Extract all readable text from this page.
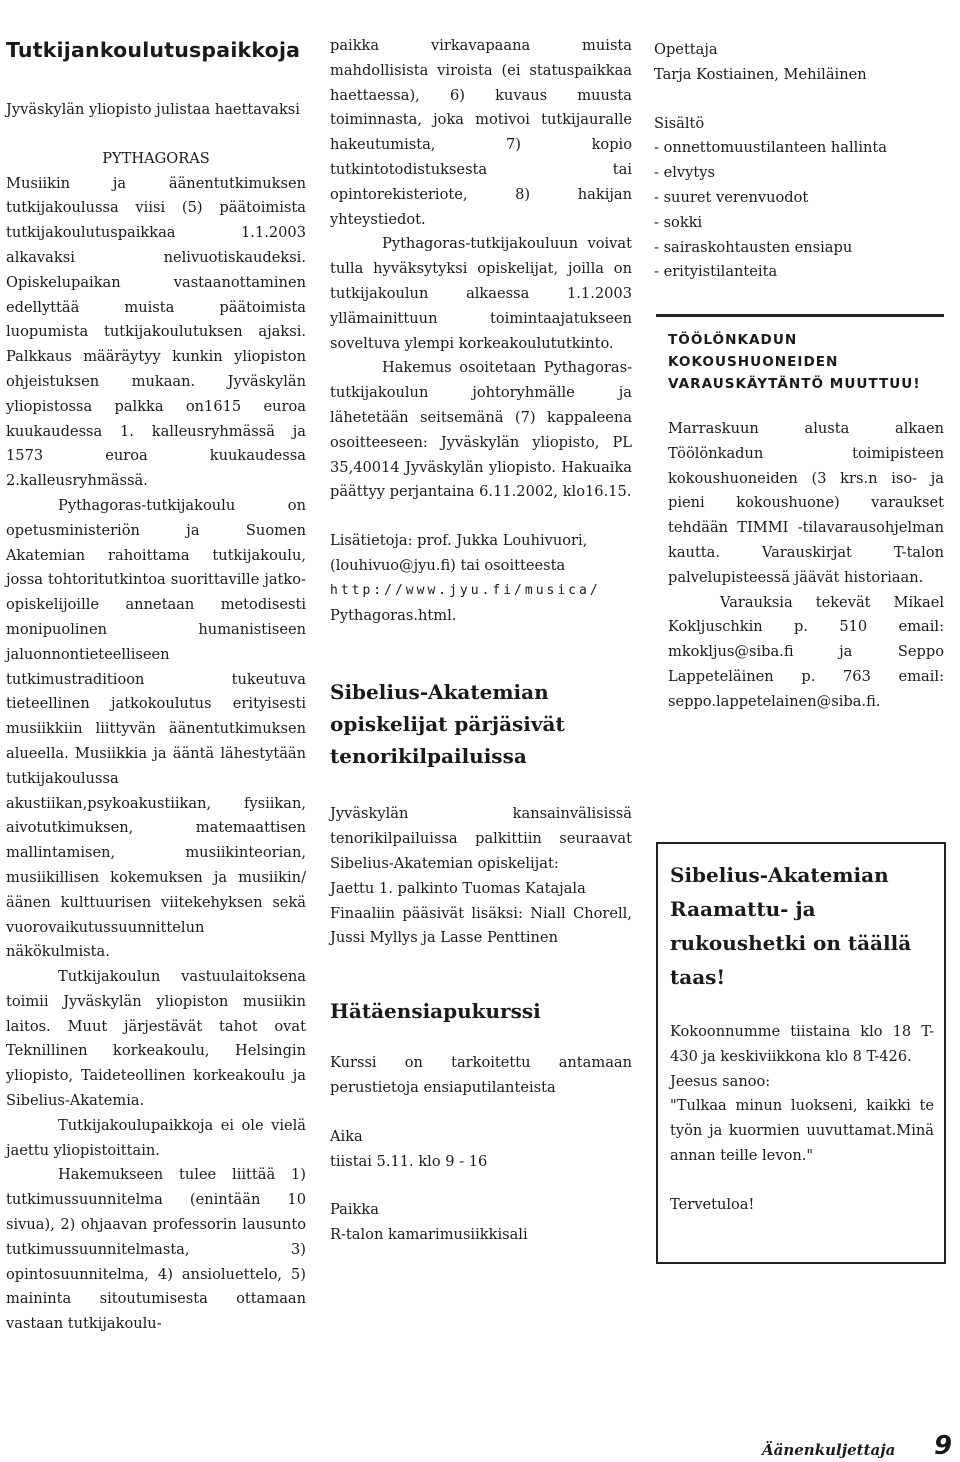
Tutkijankoulutuspaikkoja

Jyväskylän yliopisto julistaa haettavaksi

PYTHAGORAS

Musiikin ja äänentutkimuksen tutkijakoulussa viisi (5) päätoimista tutkijakoulutuspaikkaa 1.1.2003 alkavaksi nelivuotiskaudeksi. Opiskelupaikan vastaanottaminen edellyttää muista päätoimista luopumista tutkijakoulutuksen ajaksi. Palkkaus määräytyy kunkin yliopiston ohjeistuksen mukaan. Jyväskylän yliopistossa palkka on1615 euroa kuukaudessa 1. kalleusryhmässä ja 1573 euroa kuukaudessa 2.kalleusryhmässä.

Pythagoras-tutkijakoulu on opetusministeriön ja Suomen Akatemian rahoittama tutkijakoulu, jossa tohtoritutkintoa suorittaville jatko-opiskelijoille annetaan metodisesti monipuolinen humanistiseen jaluonnontieteelliseen tutkimustraditioon tukeutuva tieteellinen jatkokoulutus erityisesti musiikkiin liittyvän äänentutkimuksen alueella. Musiikkia ja ääntä lähestytään tutkijakoulussa akustiikan,psykoakustiikan, fysiikan, aivotutkimuksen, matemaattisen mallintamisen, musiikinteorian, musiikillisen kokemuksen ja musiikin/äänen kulttuurisen viitekehyksen sekä vuorovaikutussuunnittelun näkökulmista.

Tutkijakoulun vastuulaitoksena toimii Jyväskylän yliopiston musiikin laitos. Muut järjestävät tahot ovat Teknillinen korkeakoulu, Helsingin yliopisto, Taideteollinen korkeakoulu ja Sibelius-Akatemia.

Tutkijakoulupaikkoja ei ole vielä jaettu yliopistoittain.

Hakemukseen tulee liittää 1) tutkimussuunnitelma (enintään 10 sivua), 2) ohjaavan professorin lausunto tutkimussuunnitelmasta, 3) opintosuunnitelma, 4) ansioluettelo, 5) maininta sitoutumisesta ottamaan vastaan tutkijakoulu-

paikka virkavapaana muista mahdollisista viroista (ei statuspaikkaa haettaessa), 6) kuvaus muusta toiminnasta, joka motivoi tutkijauralle hakeutumista, 7) kopio tutkintotodistuksesta tai opintorekisteriote, 8) hakijan yhteystiedot.

Pythagoras-tutkijakouluun voivat tulla hyväksytyksi opiskelijat, joilla on tutkijakoulun alkaessa 1.1.2003 yllämainittuun toimintaajatukseen soveltuva ylempi korkeakoulututkinto.

Hakemus osoitetaan Pythagoras-tutkijakoulun johtoryhmälle ja lähetetään seitsemänä (7) kappaleena osoitteeseen: Jyväskylän yliopisto, PL 35,40014 Jyväskylän yliopisto. Hakuaika päättyy perjantaina 6.11.2002, klo16.15.

Lisätietoja: prof. Jukka Louhivuori, (louhivuo@jyu.fi) tai osoitteesta

http://www.jyu.fi/musica/

Pythagoras.html.

Sibelius-Akatemian opiskelijat pärjäsivät tenorikilpailuissa

Jyväskylän kansainvälisissä tenorikilpailuissa palkittiin seuraavat Sibelius-Akatemian opiskelijat:

Jaettu 1. palkinto Tuomas Katajala

Finaaliin pääsivät lisäksi: Niall Chorell, Jussi Myllys ja Lasse Penttinen

Hätäensiapukurssi

Kurssi on tarkoitettu antamaan perustietoja ensiaputilanteista

Aika

tiistai 5.11. klo 9 - 16

Paikka

R-talon kamarimusiikkisali

Opettaja

Tarja Kostiainen, Mehiläinen

Sisältö

- onnettomuustilanteen hallinta

- elvytys

- suuret verenvuodot

- sokki

- sairaskohtausten ensiapu

- erityistilanteita

TÖÖLÖNKADUN KOKOUSHUONEIDEN VARAUSKÄYTÄNTÖ MUUTTUU!

Marraskuun alusta alkaen Töölönkadun toimipisteen kokoushuoneiden (3 krs.n iso- ja pieni kokoushuone) varaukset tehdään TIMMI -tilavarausohjelman kautta. Varauskirjat T-talon palvelupisteessä jäävät historiaan.

Varauksia tekevät Mikael Kokljuschkin p. 510 email: mkokljus@siba.fi ja Seppo Lappeteläinen p. 763 email: seppo.lappetelainen@siba.fi.

Sibelius-Akatemian Raamattu- ja rukoushetki on täällä taas!

Kokoonnumme tiistaina klo 18 T-430 ja keskiviikkona klo 8 T-426.

Jeesus sanoo:

"Tulkaa minun luokseni, kaikki te työn ja kuormien uuvuttamat.Minä annan teille levon."

Tervetuloa!

Äänenkuljettaja 9
